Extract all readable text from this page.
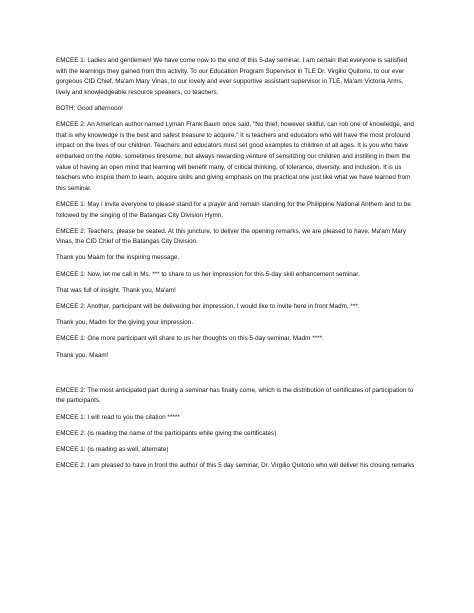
EMCEE 1: Ladies and gentlemen! We have come now to the end of this 5-day seminar. I am certain that everyone is satisfied with the learnings they gained from this activity. To our Education Program Supervisor in TLE Dr. Virgilio Quitorio, to our ever gorgeous CID Chief, Ma'am Mary Vinas, to our lovely and ever supportive assistant supervisor in TLE, Ma'am Victoria Arms, lively and knowledgeable resource speakers, co teachers.

BOTH: Good afternoon!

EMCEE 2: An American author named Lyman Frank Baum once said, "No thief, however skillful, can rob one of knowledge, and that is why knowledge is the best and safest treasure to acquire." It is teachers and educators who will have the most profound impact on the lives of our children. Teachers and educators must set good examples to children of all ages. It is you who have embarked on the noble, sometimes tiresome, but always rewarding venture of sensitizing our children and instilling in them the value of having an open mind that learning will benefit many, of critical thinking, of tolerance, diversity, and inclusion. It is us teachers who inspire them to learn, acquire skills and giving emphasis on the practical one just like what we have learned from this seminar.

EMCEE 1: May I invite everyone to please stand for a prayer and remain standing for the Philippine National Anthem and to be followed by the singing of the Batangas City Division Hymn.

EMCEE 2: Teachers, please be seated. At this juncture, to deliver the opening remarks, we are pleased to have, Ma'am Mary Vinas, the CID Chief of the Batangas City Division.

Thank you Maam for the inspiring message.

EMCEE 1: Now, let me call in Ms. *** to share to us her impression for this 5-day skill enhancement seminar.

That was full of insight. Thank you, Ma'am!

EMCEE 2: Another, participant will be delivering her impression, I would like to invite here in front Madm, ***.

Thank you, Madm for the giving your impression.

EMCEE 1: One more participant will share to us her thoughts on this 5-day seminar. Madm ****.

Thank you, Maam!

EMCEE 2: The most anticipated part during a seminar has finally come, which is the distribution of certificates of participation to the participants.

EMCEE 1: I will read to you the citation *****

EMCEE 2: (is reading the name of the participants while giving the certificates)

EMCEE 1: (is reading as well, alternate)

EMCEE 2: I am pleased to have in front the author of this 5 day seminar, Dr. Virgilio Quitorio who will deliver his closing remarks
